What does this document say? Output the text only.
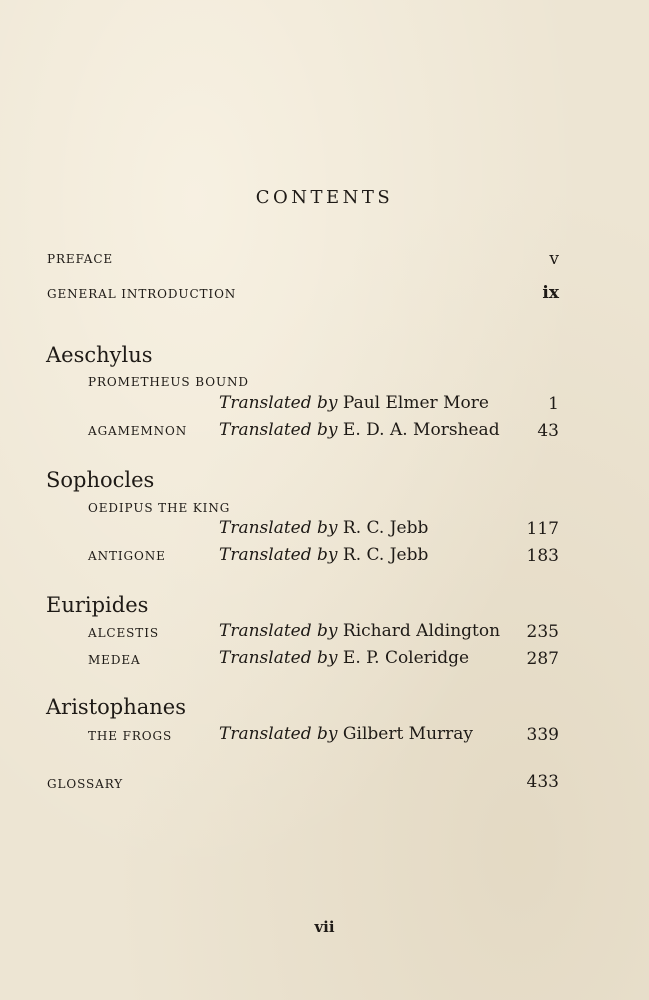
CONTENTS
PREFACE	v
GENERAL INTRODUCTION	ix
Aeschylus
PROMETHEUS BOUND
Translated by Paul Elmer More	1
AGAMEMNON Translated by E. D. A. Morshead 43
Sophocles
OEDIPUS THE KING
Translated by R. C. Jebb	117
ANTIGONE	Translated by R. C. Jebb	183
Euripides
ALCESTIS	Translated by Richard Aldington 235
MEDEA	Translated by E. P. Coleridge	287
Aristophanes
THE FROGS	Translated by Gilbert Murray	339
GLOSSARY	433
vii
